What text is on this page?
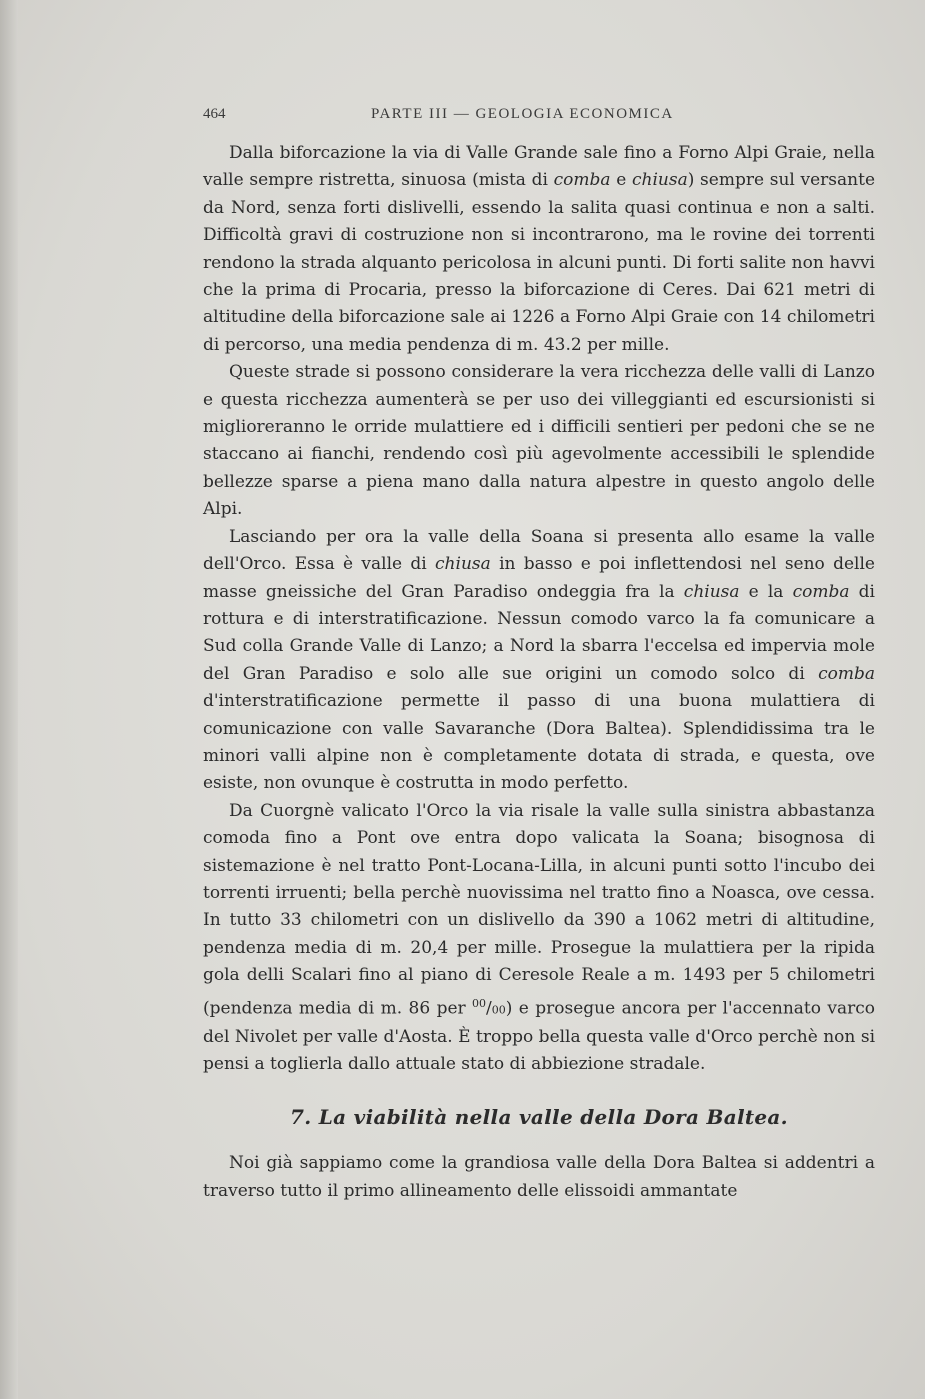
464	PARTE III — GEOLOGIA ECONOMICA

Dalla biforcazione la via di Valle Grande sale fino a Forno Alpi Graie, nella valle sempre ristretta, sinuosa (mista di comba e chiusa) sempre sul versante da Nord, senza forti dislivelli, essendo la salita quasi continua e non a salti. Difficoltà gravi di costruzione non si incontrarono, ma le rovine dei torrenti rendono la strada alquanto pericolosa in alcuni punti. Di forti salite non havvi che la prima di Procaria, presso la biforcazione di Ceres. Dai 621 metri di altitudine della biforcazione sale ai 1226 a Forno Alpi Graie con 14 chilometri di percorso, una media pendenza di m. 43.2 per mille.

Queste strade si possono considerare la vera ricchezza delle valli di Lanzo e questa ricchezza aumenterà se per uso dei villeggianti ed escursionisti si miglioreranno le orride mulattiere ed i difficili sentieri per pedoni che se ne staccano ai fianchi, rendendo così più agevolmente accessibili le splendide bellezze sparse a piena mano dalla natura alpestre in questo angolo delle Alpi.

Lasciando per ora la valle della Soana si presenta allo esame la valle dell'Orco. Essa è valle di chiusa in basso e poi inflettendosi nel seno delle masse gneissiche del Gran Paradiso ondeggia fra la chiusa e la comba di rottura e di interstratificazione. Nessun comodo varco la fa comunicare a Sud colla Grande Valle di Lanzo; a Nord la sbarra l'eccelsa ed impervia mole del Gran Paradiso e solo alle sue origini un comodo solco di comba d'interstratificazione permette il passo di una buona mulattiera di comunicazione con valle Savaranche (Dora Baltea). Splendidissima tra le minori valli alpine non è completamente dotata di strada, e questa, ove esiste, non ovunque è costrutta in modo perfetto.

Da Cuorgnè valicato l'Orco la via risale la valle sulla sinistra abbastanza comoda fino a Pont ove entra dopo valicata la Soana; bisognosa di sistemazione è nel tratto Pont-Locana-Lilla, in alcuni punti sotto l'incubo dei torrenti irruenti; bella perchè nuovissima nel tratto fino a Noasca, ove cessa. In tutto 33 chilometri con un dislivello da 390 a 1062 metri di altitudine, pendenza media di m. 20,4 per mille. Prosegue la mulattiera per la ripida gola delli Scalari fino al piano di Ceresole Reale a m. 1493 per 5 chilometri (pendenza media di m. 86 per $^{00}$/00) e prosegue ancora per l'accennato varco del Nivolet per valle d'Aosta. È troppo bella questa valle d'Orco perchè non si pensi a toglierla dallo attuale stato di abbiezione stradale.

7. La viabilità nella valle della Dora Baltea.

Noi già sappiamo come la grandiosa valle della Dora Baltea si addentri a traverso tutto il primo allineamento delle elissoidi ammantate
